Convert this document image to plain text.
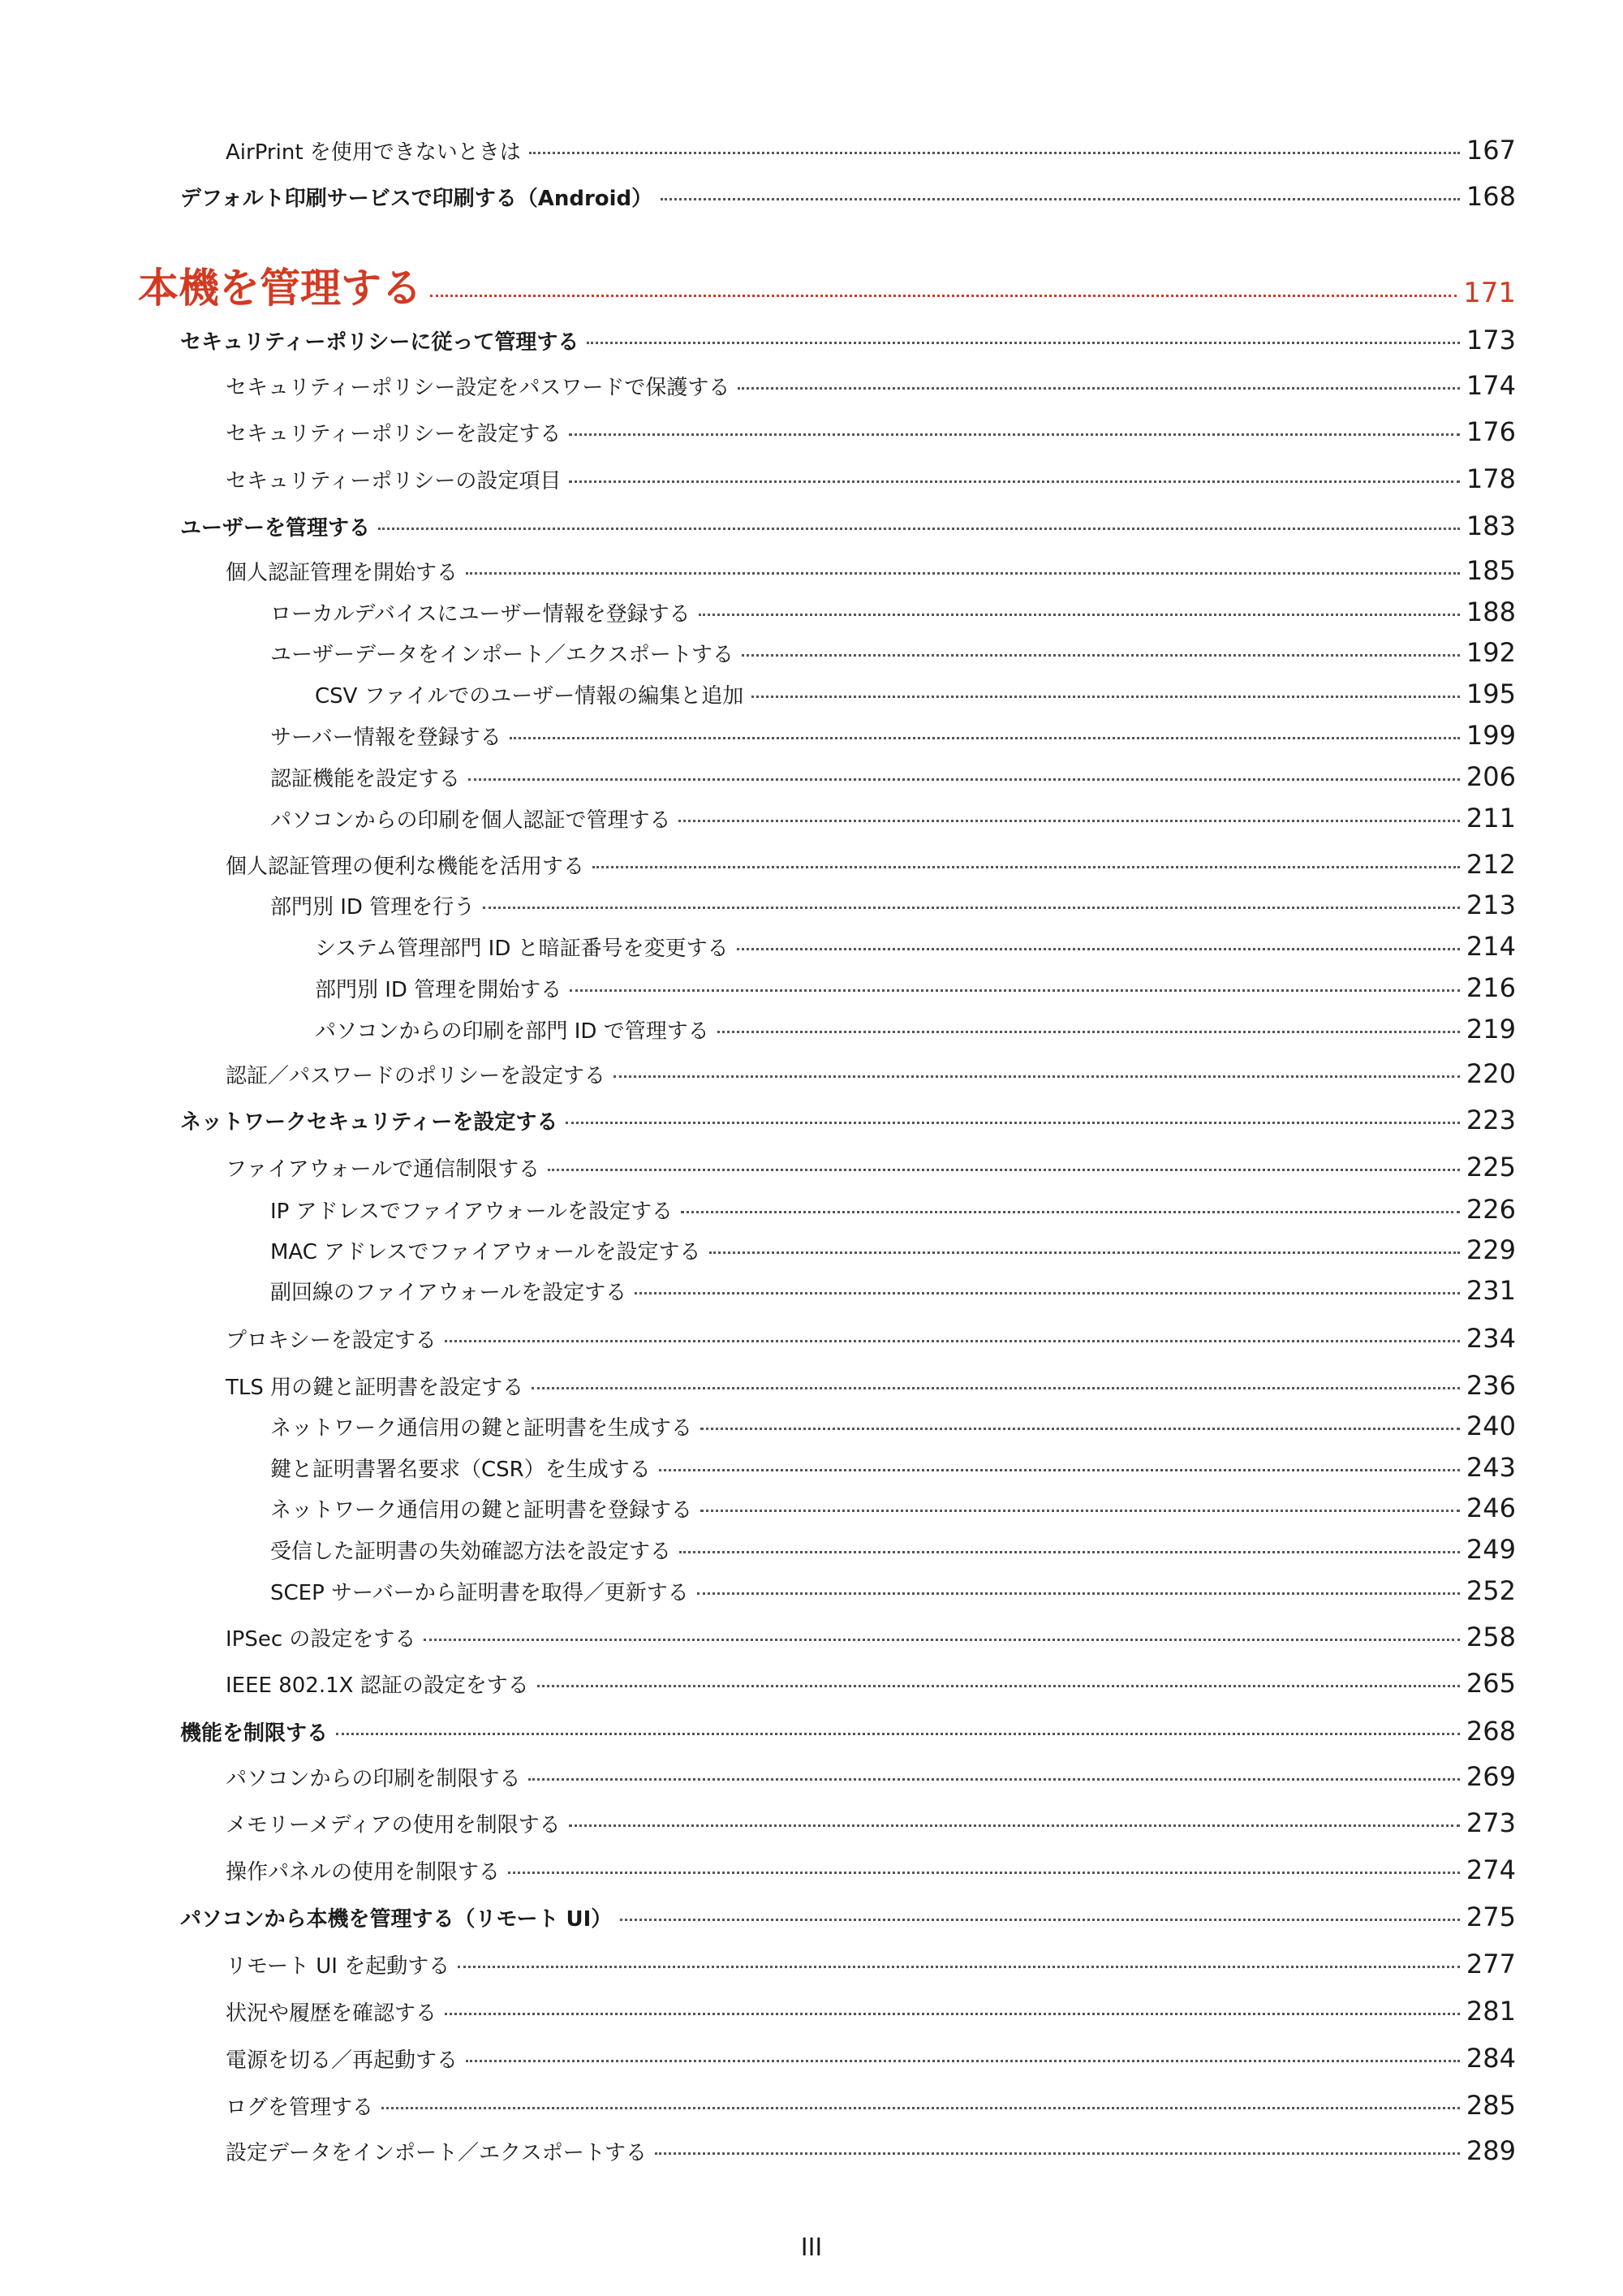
AirPrint を使用できないときは	167
デフォルト印刷サービスで印刷する（Android）	168
本機を管理する	171
セキュリティーポリシーに従って管理する	173
セキュリティーポリシー設定をパスワードで保護する	174
セキュリティーポリシーを設定する	176
セキュリティーポリシーの設定項目	178
ユーザーを管理する	183
個人認証管理を開始する	185
ローカルデバイスにユーザー情報を登録する	188
ユーザーデータをインポート／エクスポートする	192
CSV ファイルでのユーザー情報の編集と追加	195
サーバー情報を登録する	199
認証機能を設定する	206
パソコンからの印刷を個人認証で管理する	211
個人認証管理の便利な機能を活用する	212
部門別 ID 管理を行う	213
システム管理部門 ID と暗証番号を変更する	214
部門別 ID 管理を開始する	216
パソコンからの印刷を部門 ID で管理する	219
認証／パスワードのポリシーを設定する	220
ネットワークセキュリティーを設定する	223
ファイアウォールで通信制限する	225
IP アドレスでファイアウォールを設定する	226
MAC アドレスでファイアウォールを設定する	229
副回線のファイアウォールを設定する	231
プロキシーを設定する	234
TLS 用の鍵と証明書を設定する	236
ネットワーク通信用の鍵と証明書を生成する	240
鍵と証明書署名要求（CSR）を生成する	243
ネットワーク通信用の鍵と証明書を登録する	246
受信した証明書の失効確認方法を設定する	249
SCEP サーバーから証明書を取得／更新する	252
IPSec の設定をする	258
IEEE 802.1X 認証の設定をする	265
機能を制限する	268
パソコンからの印刷を制限する	269
メモリーメディアの使用を制限する	273
操作パネルの使用を制限する	274
パソコンから本機を管理する（リモート UI）	275
リモート UI を起動する	277
状況や履歴を確認する	281
電源を切る／再起動する	284
ログを管理する	285
設定データをインポート／エクスポートする	289
III
